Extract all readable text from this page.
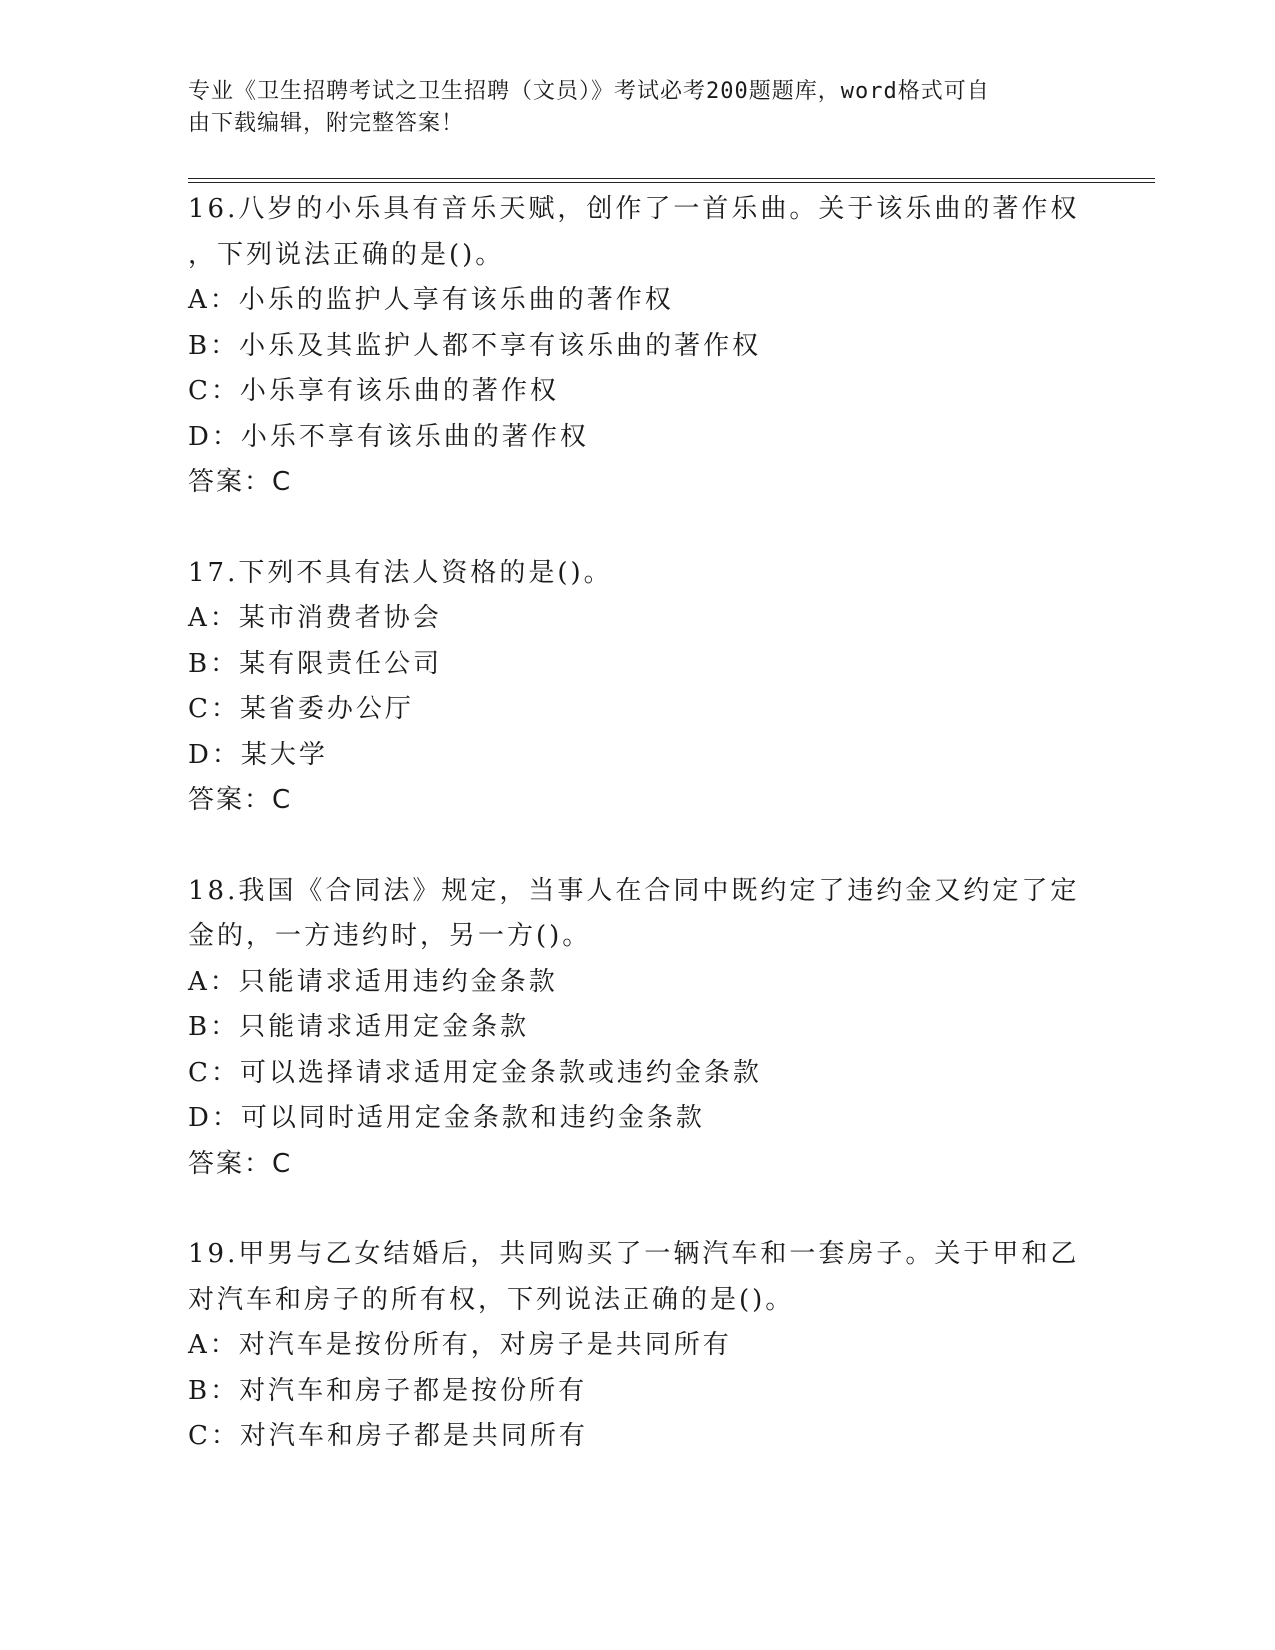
专业《卫生招聘考试之卫生招聘（文员）》考试必考200题题库，word格式可自
由下载编辑，附完整答案！
16.八岁的小乐具有音乐天赋，创作了一首乐曲。关于该乐曲的著作权
，下列说法正确的是()。
A：小乐的监护人享有该乐曲的著作权
B：小乐及其监护人都不享有该乐曲的著作权
C：小乐享有该乐曲的著作权
D：小乐不享有该乐曲的著作权
答案：C
17.下列不具有法人资格的是()。
A：某市消费者协会
B：某有限责任公司
C：某省委办公厅
D：某大学
答案：C
18.我国《合同法》规定，当事人在合同中既约定了违约金又约定了定
金的，一方违约时，另一方()。
A：只能请求适用违约金条款
B：只能请求适用定金条款
C：可以选择请求适用定金条款或违约金条款
D：可以同时适用定金条款和违约金条款
答案：C
19.甲男与乙女结婚后，共同购买了一辆汽车和一套房子。关于甲和乙
对汽车和房子的所有权，下列说法正确的是()。
A：对汽车是按份所有，对房子是共同所有
B：对汽车和房子都是按份所有
C：对汽车和房子都是共同所有
